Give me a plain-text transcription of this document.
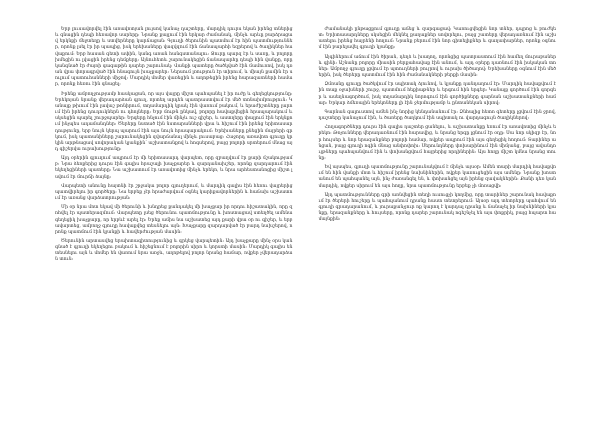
Երբ լուսավորվել էին առավոտյան լույսով կանաչ դաշտերը, մարդիկ դուրս եկան իրենց տներից և գնացին դեպի հեռավոր սարերը: Նրանք քայլում էին երկար ժամանակ, մինչև արևը բարձրացավ երկնքի մեջտեղը և ստվերները կարճացան: Գյուղի ծերունին պատմում էր հին պատմություններ, որոնք լսել էր իր պապից, իսկ երեխաները վազվզում էին ճանապարհի եզրերով և ծաղիկներ հավաքում: Երբ հասան գետի ափին, կանգ առան հանգստանալու: Ջուրը պարզ էր և սառը, և բոլորը խմեցին ու լվացին իրենց դեմքերը: Այնուհետև շարունակեցին ճանապարհը դեպի հին վանքը, որը կանգնած էր ժայռի գագաթին դարեր շարունակ: Վանքի պատերը ծածկված էին մամուռով, իսկ դռան վրա փորագրված էին հնագույն խաչքարեր: Ներսում լռություն էր տիրում, և միայն քամին էր սուլում պատուհանների միջով: Մարդիկ մոմեր վառեցին և աղոթեցին իրենց հարազատների համար, որոնք հեռու էին գնացել:

Իրենք ամբողջությամբ հասկացան, որ այս վայրը միշտ պահպանել է իր ուժը և գեղեցկությունը: Երեկոյան նրանք վերադարձան գյուղ, որտեղ արդեն պատրաստվում էր մեծ տոնախմբություն: Կանայք թխում էին լավաշ թոնիրում, տղամարդիկ կրակ էին վառում բակում, և երաժիշտները լարում էին իրենց դուդուկներն ու դհոլները: Երբ մութն ընկավ, բոլորը հավաքվեցին հրապարակում և սկսեցին պարել շուրջպարեր: Երգերը հնչում էին մինչև ուշ գիշեր, և աստղերը փայլում էին երկնքում ինչպես ադամանդներ: Ծերերը նստած էին նստարանների վրա և հիշում էին իրենց երիտասարդությունը, երբ նույն կերպ պարում էին այս նույն հրապարակում: Երեխաները քնեցին մայրերի գրկում, իսկ պատանիները շարունակեցին զվարճանալ մինչև լուսաբաց: Հաջորդ առավոտ գյուղը կրկին արթնացավ սովորական կյանքին՝ աշխատանքով և հոգսերով, բայց բոլորի սրտերում մնաց այդ գիշերվա ուրախությունը:

Այդ օրերին գյուղում ապրում էր մի երիտասարդ վարպետ, որը զբաղվում էր քարի մշակությամբ: Նրա ձեռքերից դուրս էին գալիս հրաշալի խաչքարեր և զարդանախշեր, որոնք զարդարում էին եկեղեցիների պատերը: Նա աշխատում էր առավոտից մինչև երեկո, և նրա արհեստանոցից միշտ լսվում էր մուրճի ձայնը:

Վարպետի անունը հայտնի էր շրջակա բոլոր գյուղերում, և մարդիկ գալիս էին հեռու վայրերից պատվիրելու իր գործերը: Նա երբեք չէր հրաժարվում օգնել կարիքավորներին և հաճախ աշխատում էր առանց վարձատրության:

Մի օր նրա մոտ եկավ մի ծերունի և խնդրեց քանդակել մի խաչքար իր որդու հիշատակին, որը զոհվել էր պատերազմում: Վարպետը լսեց ծերունու պատմությունը և խոստացավ ստեղծել ամենագեղեցիկ խաչքարը, որ երբևէ արել էր: Երեք ամիս նա աշխատեց այդ քարի վրա օր ու գիշեր, և երբ ավարտեց, ամբողջ գյուղը հավաքվեց տեսնելու այն: Խաչքարը զարդարված էր բարդ նախշերով, որոնք պատմում էին կյանքի և հավերժության մասին:

Ծերունին արտասվեց երախտագիտությունից և գրկեց վարպետին: Այդ խաչքարը մինչ օրս կանգնած է գյուղի եկեղեցու բակում և հիշեցնում է բոլորին սիրո և կորստի մասին: Մարդիկ գալիս են տեսնելու այն և մոմեր են վառում նրա առջև, աղոթելով բոլոր նրանց համար, ովքեր չվերադարձան տուն:

Ժամանակի ընթացքում գյուղը աճեց և զարգացավ: Կառուցվեցին նոր տներ, դպրոց և բուժկետ: Երիտասարդները սկսեցին մեկնել քաղաքներ սովորելու, բայց շատերը վերադառնում էին աշխատելու իրենց հայրենի հողում: Նրանք բերում էին նոր գիտելիքներ և գաղափարներ, որոնք օգնում էին բարելավել գյուղի կյանքը:

Այգիներում աճում էին ծիրան, դեղձ և խաղող, որոնցից պատրաստում էին համեղ մուրաբաներ և գինի: Աշնանը բոլորը միասին բերքահավաք էին անում, և այդ օրերը դառնում էին իսկական տոներ: Ամբողջ գյուղը լցվում էր պտուղների բույրով և ուրախ ծիծաղով: Երեխաները օգնում էին մեծերին, իսկ ծերերը պատմում էին հին ժամանակների բերքի մասին:

Ձմռանը գյուղը ծածկվում էր սպիտակ ձյունով, և կյանքը դանդաղում էր: Մարդիկ հավաքվում էին տաք օջախների շուրջ, պատմում հեքիաթներ և երգում հին երգեր: Կանայք գործում էին գորգեր և ասեղնագործում, իսկ տղամարդիկ նորոգում էին գործիքները գարնան աշխատանքների համար: Երկար ձմեռային երեկոները լի էին ջերմությամբ և ընտանեկան սիրով:

Գարնան գալուստով ամեն ինչ նորից կենդանանում էր: Ձնհալից հետո գետերը լցվում էին ջրով, դաշտերը կանաչում էին, և ծառերը ծաղկում էին սպիտակ ու վարդագույն ծաղիկներով:

Հողագործները դուրս էին գալիս դաշտեր ցանելու, և աշխատանքը եռում էր առավոտից մինչև երեկո: Թռչունները վերադառնում էին հարավից, և նրանց երգը լցնում էր օդը: Սա նոր սկիզբ էր, նոր հույսեր և նոր երազանքներ բոլորի համար, ովքեր ապրում էին այս գեղեցիկ հողում: Տարիներ անցան, բայց գյուղի ոգին մնաց անփոփոխ: Սերունդները փոխարինում էին միմյանց, բայց ավանդույթները պահպանվում էին և փոխանցվում հայրերից որդիներին: Այս հողը միշտ կմնա նրանց տունը:

Եվ այսպես, գյուղի պատմությունը շարունակվում է մինչև այսօր: Ամեն տարի մարդիկ հավաքվում են հին վանքի մոտ և հիշում իրենց նախնիներին, ովքեր կառուցեցին այս ամենը: Նրանք խոստանում են պահպանել այն, ինչ ժառանգել են, և փոխանցել այն իրենց զավակներին: Քանի դեռ կան մարդիկ, ովքեր սիրում են այս հողը, նրա պատմությունը երբեք չի մոռացվի:

Այդ պատմությունները գրի առնվեցին տեղի ուսուցչի կողմից, որը տարիներ շարունակ հավաքում էր ծերերի հուշերը և պահպանում դրանք հաստ տետրերում: Այսօր այդ տետրերը պահվում են գյուղի գրադարանում, և յուրաքանչյուր ոք կարող է կարդալ դրանք և ճանաչել իր նախնիների կյանքը, երազանքները և հույսերը, որոնք դարեր շարունակ ոգեշնչել են այս փոքրիկ, բայց հպարտ համայնքին:
